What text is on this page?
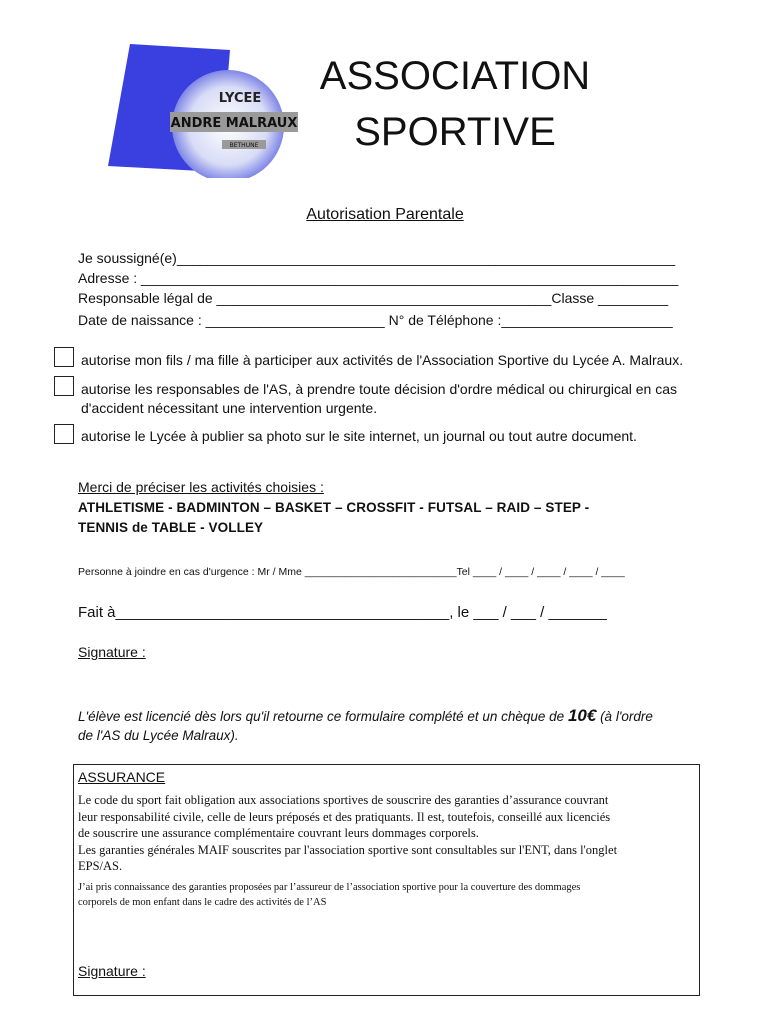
LYCEE
ANDRE MALRAUX
BETHUNE
ASSOCIATION
SPORTIVE
Autorisation Parentale
Je soussigné(e)________________________________________________________________
Adresse : _____________________________________________________________________
Responsable légal de ___________________________________________Classe _________
Date de naissance : _______________________ N° de Téléphone :______________________
autorise mon fils / ma fille à participer aux activités de l'Association Sportive du Lycée A. Malraux.
autorise les responsables de l'AS, à prendre toute décision d'ordre médical ou chirurgical en cas
d'accident nécessitant une intervention urgente.
autorise le Lycée à publier sa photo sur le site internet, un journal ou tout autre document.
Merci de préciser les activités choisies :
ATHLETISME - BADMINTON – BASKET – CROSSFIT - FUTSAL – RAID – STEP -
TENNIS de TABLE - VOLLEY
Personne à joindre en cas d'urgence : Mr / Mme __________________________Tel ____ / ____ / ____ / ____ / ____
Fait à________________________________________, le ___ / ___ / _______
Signature :
L'élève est licencié dès lors qu'il retourne ce formulaire complété et un chèque de 10€ (à l'ordre
de l'AS du Lycée Malraux).
ASSURANCE
Le code du sport fait obligation aux associations sportives de souscrire des garanties d’assurance couvrant
leur responsabilité civile, celle de leurs préposés et des pratiquants. Il est, toutefois, conseillé aux licenciés
de souscrire une assurance complémentaire couvrant leurs dommages corporels.
Les garanties générales MAIF souscrites par l'association sportive sont consultables sur l'ENT, dans l'onglet
EPS/AS.
J’ai pris connaissance des garanties proposées par l’assureur de l’association sportive pour la couverture des dommages
corporels de mon enfant dans le cadre des activités de l’AS
Signature :
